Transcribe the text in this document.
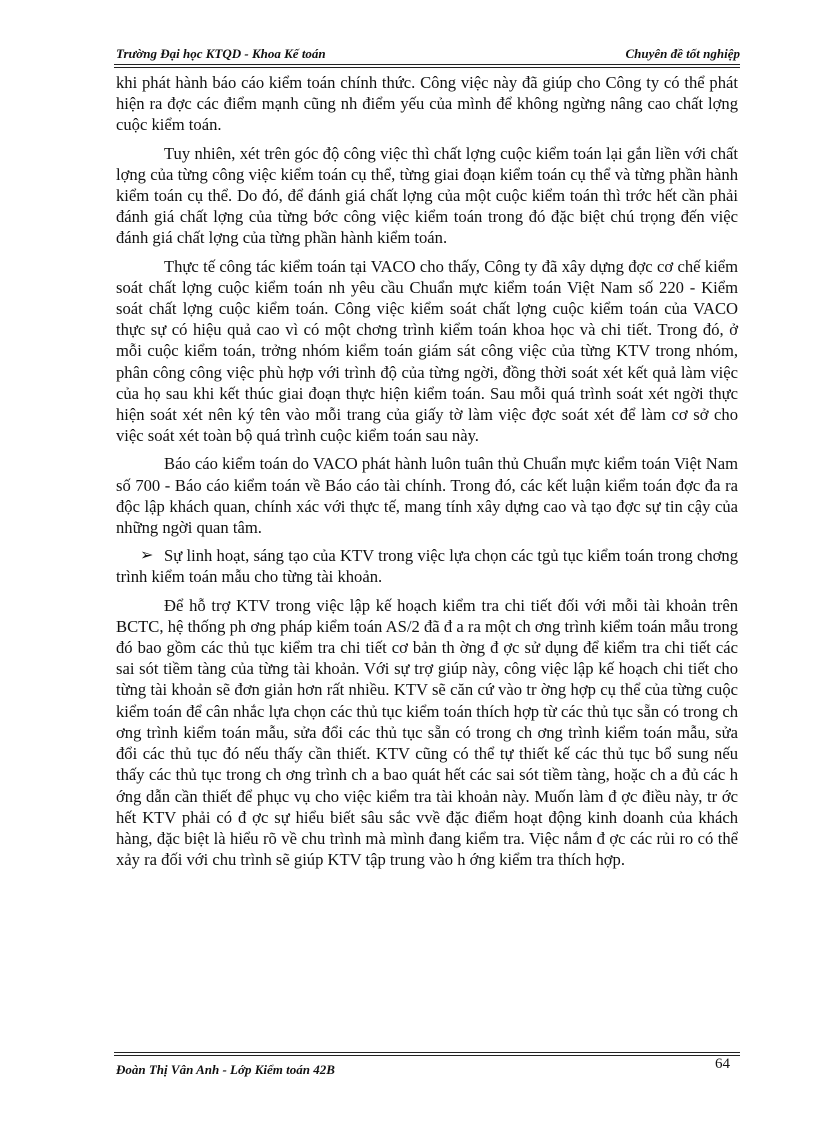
Trường Đại học KTQD - Khoa Kế toán	Chuyên đề tốt nghiệp

khi phát hành báo cáo kiểm toán chính thức. Công việc này đã giúp cho Công ty có thể phát hiện ra đợc các điểm mạnh cũng nh điểm yếu của mình để không ngừng nâng cao chất lợng cuộc kiểm toán.

Tuy nhiên, xét trên góc độ công việc thì chất lợng cuộc kiểm toán lại gắn liền với chất lợng của từng công việc kiểm toán cụ thể, từng giai đoạn kiểm toán cụ thể và từng phần hành kiểm toán cụ thể. Do đó, để đánh giá chất lợng của một cuộc kiểm toán thì trớc hết cần phải đánh giá chất lợng của từng bớc công việc kiểm toán trong đó đặc biệt chú trọng đến việc đánh giá chất lợng của từng phần hành kiểm toán.

Thực tế công tác kiểm toán tại VACO cho thấy, Công ty đã xây dựng đợc cơ chế kiểm soát chất lợng cuộc kiểm toán nh yêu cầu Chuẩn mực kiểm toán Việt Nam số 220 - Kiểm soát chất lợng cuộc kiểm toán. Công việc kiểm soát chất lợng cuộc kiểm toán của VACO thực sự có hiệu quả cao vì có một chơng trình kiểm toán khoa học và chi tiết. Trong đó, ở mỗi cuộc kiểm toán, trởng nhóm kiểm toán giám sát công việc của từng KTV trong nhóm, phân công công việc phù hợp với trình độ của từng ngời, đồng thời soát xét kết quả làm việc của họ sau khi kết thúc giai đoạn thực hiện kiểm toán. Sau mỗi quá trình soát xét ngời thực hiện soát xét nên ký tên vào mỗi trang của giấy tờ làm việc đợc soát xét để làm cơ sở cho việc soát xét toàn bộ quá trình cuộc kiểm toán sau này.

Báo cáo kiểm toán do VACO phát hành luôn tuân thủ Chuẩn mực kiểm toán Việt Nam số 700 - Báo cáo kiểm toán về Báo cáo tài chính. Trong đó, các kết luận kiểm toán đợc đa ra độc lập khách quan, chính xác với thực tế, mang tính xây dựng cao và tạo đợc sự tin cậy của những ngời quan tâm.

➢ Sự linh hoạt, sáng tạo của KTV trong việc lựa chọn các tgủ tục kiểm toán trong chơng trình kiểm toán mẫu cho từng tài khoản.

Để hỗ trợ KTV trong việc lập kế hoạch kiểm tra chi tiết đối với mỗi tài khoản trên BCTC, hệ thống ph ơng pháp kiểm toán AS/2 đã đ a ra một ch ơng trình kiểm toán mẫu trong đó bao gồm các thủ tục kiểm tra chi tiết cơ bản th ờng đ ợc sử dụng để kiểm tra chi tiết các sai sót tiềm tàng của từng tài khoản. Với sự trợ giúp này, công việc lập kế hoạch chi tiết cho từng tài khoản sẽ đơn giản hơn rất nhiều. KTV sẽ căn cứ vào tr ờng hợp cụ thể của từng cuộc kiểm toán để cân nhắc lựa chọn các thủ tục kiểm toán thích hợp từ các thủ tục sẵn có trong ch ơng trình kiểm toán mẫu, sửa đổi các thủ tục sẵn có trong ch ơng trình kiểm toán mẫu, sửa đổi các thủ tục đó nếu thấy cần thiết. KTV cũng có thể tự thiết kế các thủ tục bổ sung nếu thấy các thủ tục trong ch ơng trình ch a bao quát hết các sai sót tiềm tàng, hoặc ch a đủ các h ớng dẫn cần thiết để phục vụ cho việc kiểm tra tài khoản này. Muốn làm đ ợc điều này, tr ớc hết KTV phải có đ ợc sự hiểu biết sâu sắc vvề đặc điểm hoạt động kinh doanh của khách hàng, đặc biệt là hiểu rõ về chu trình mà mình đang kiểm tra. Việc nắm đ ợc các rủi ro có thể xảy ra đối với chu trình sẽ giúp KTV tập trung vào h ớng kiểm tra thích hợp.

Đoàn Thị Vân Anh - Lớp Kiểm toán 42B	64
